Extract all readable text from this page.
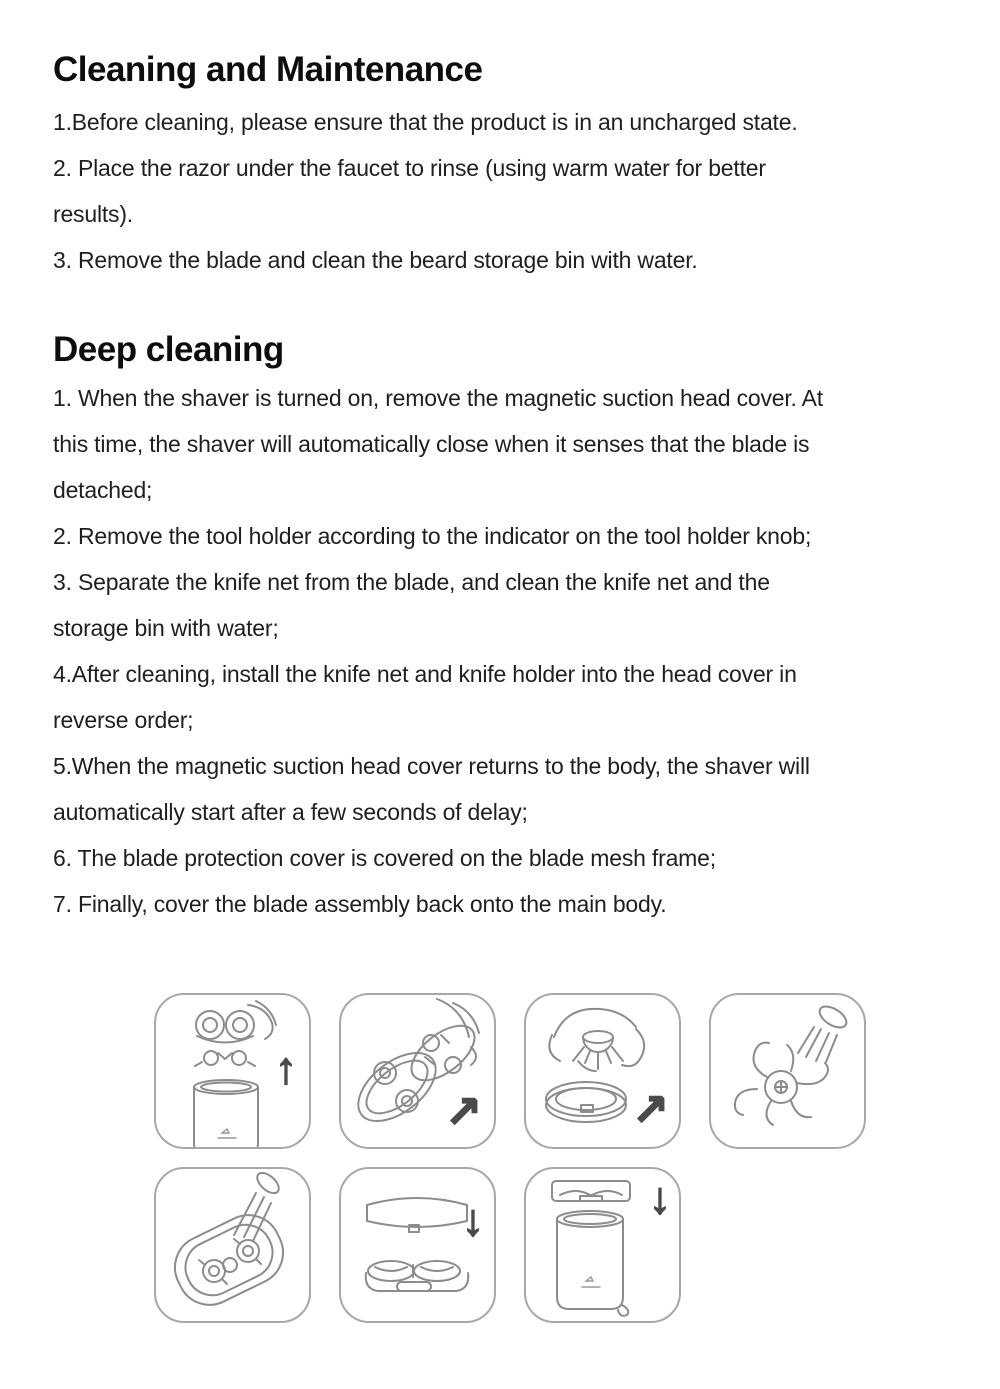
Cleaning and Maintenance
1.Before cleaning, please ensure that the product is in an uncharged state.
2. Place the razor under the faucet to rinse (using warm water for better
results).
3. Remove the blade and clean the beard storage bin with water.
Deep cleaning
1. When the shaver is turned on, remove the magnetic suction head cover. At
this time, the shaver will automatically close when it senses that the blade is
detached;
2. Remove the tool holder according to the indicator on the tool holder knob;
3. Separate the knife net from the blade, and clean the knife net and the
storage bin with water;
4.After cleaning, install the knife net and knife holder into the head cover in
reverse order;
5.When the magnetic suction head cover returns to the body, the shaver will
automatically start after a few seconds of delay;
6. The blade protection cover is covered on the blade mesh frame;
7. Finally, cover the blade assembly back onto the main body.
↑
↗	↗
↓	↓
